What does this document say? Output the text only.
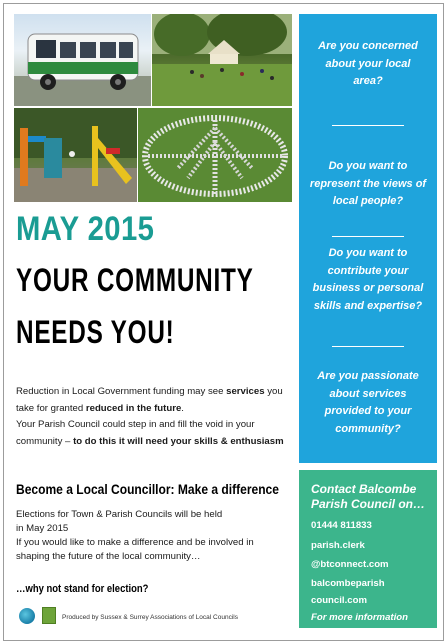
MAY 2015
YOUR COMMUNITY
NEEDS YOU!
Reduction in Local Government funding may see services you take for granted reduced in the future.
Your Parish Council could step in and fill the void in your
community – to do this it will need your skills & enthusiasm
Become a Local Councillor: Make a difference
Elections for Town & Parish Councils will be held
in May 2015
If you would like to make a difference and be involved in
shaping the future of the local community…
…why not stand for election?
Produced by Sussex & Surrey Associations of Local Councils
Are you concerned
about your local
area?
Do you want to
represent the views of
local people?
Do you want to
contribute your
business or personal
skills and expertise?
Are you passionate
about services
provided to your
community?
Contact Balcombe
Parish Council on…
01444 811833
parish.clerk
@btconnect.com
balcombeparish
council.com
For more information
